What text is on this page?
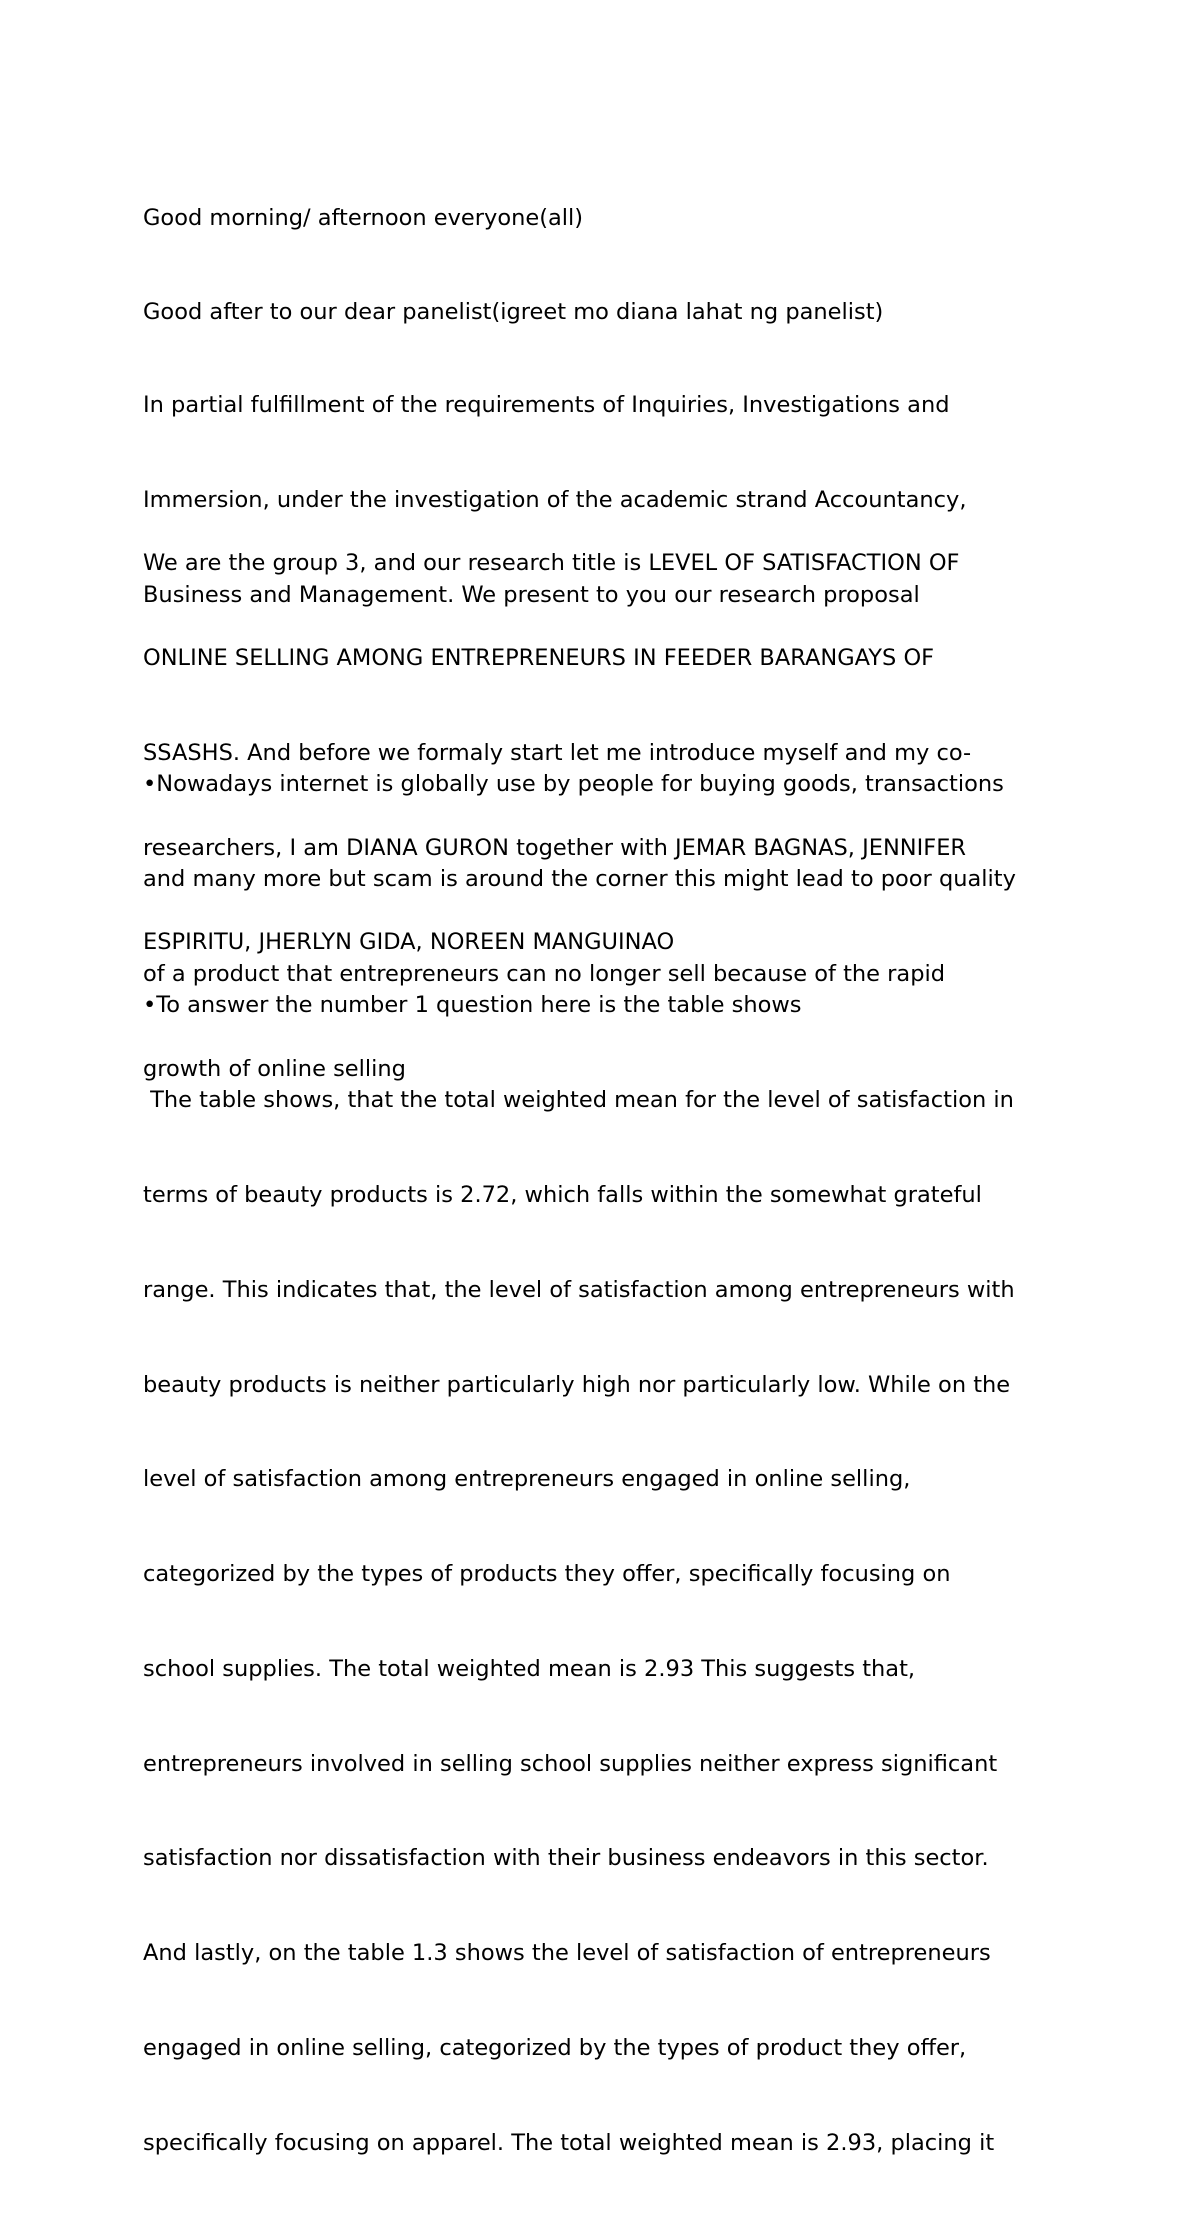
Good morning/ afternoon everyone(all)

Good after to our dear panelist(igreet mo diana lahat ng panelist)

In partial fulfillment of the requirements of Inquiries, Investigations and

Immersion, under the investigation of the academic strand Accountancy,

Business and Management. We present to you our research proposal

We are the group 3, and our research title is LEVEL OF SATISFACTION OF

ONLINE SELLING AMONG ENTREPRENEURS IN FEEDER BARANGAYS OF

SSASHS. And before we formaly start let me introduce myself and my co-

researchers, I am DIANA GURON together with JEMAR BAGNAS, JENNIFER

ESPIRITU, JHERLYN GIDA, NOREEN MANGUINAO

•Nowadays internet is globally use by people for buying goods, transactions

and many more but scam is around the corner this might lead to poor quality

of a product that entrepreneurs can no longer sell because of the rapid

growth of online selling

•To answer the number 1 question here is the table shows

The table shows, that the total weighted mean for the level of satisfaction in

terms of beauty products is 2.72, which falls within the somewhat grateful

range. This indicates that, the level of satisfaction among entrepreneurs with

beauty products is neither particularly high nor particularly low. While on the

level of satisfaction among entrepreneurs engaged in online selling,

categorized by the types of products they offer, specifically focusing on

school supplies. The total weighted mean is 2.93 This suggests that,

entrepreneurs involved in selling school supplies neither express significant

satisfaction nor dissatisfaction with their business endeavors in this sector.

And lastly, on the table 1.3 shows the level of satisfaction of entrepreneurs

engaged in online selling, categorized by the types of product they offer,

specifically focusing on apparel. The total weighted mean is 2.93, placing it
